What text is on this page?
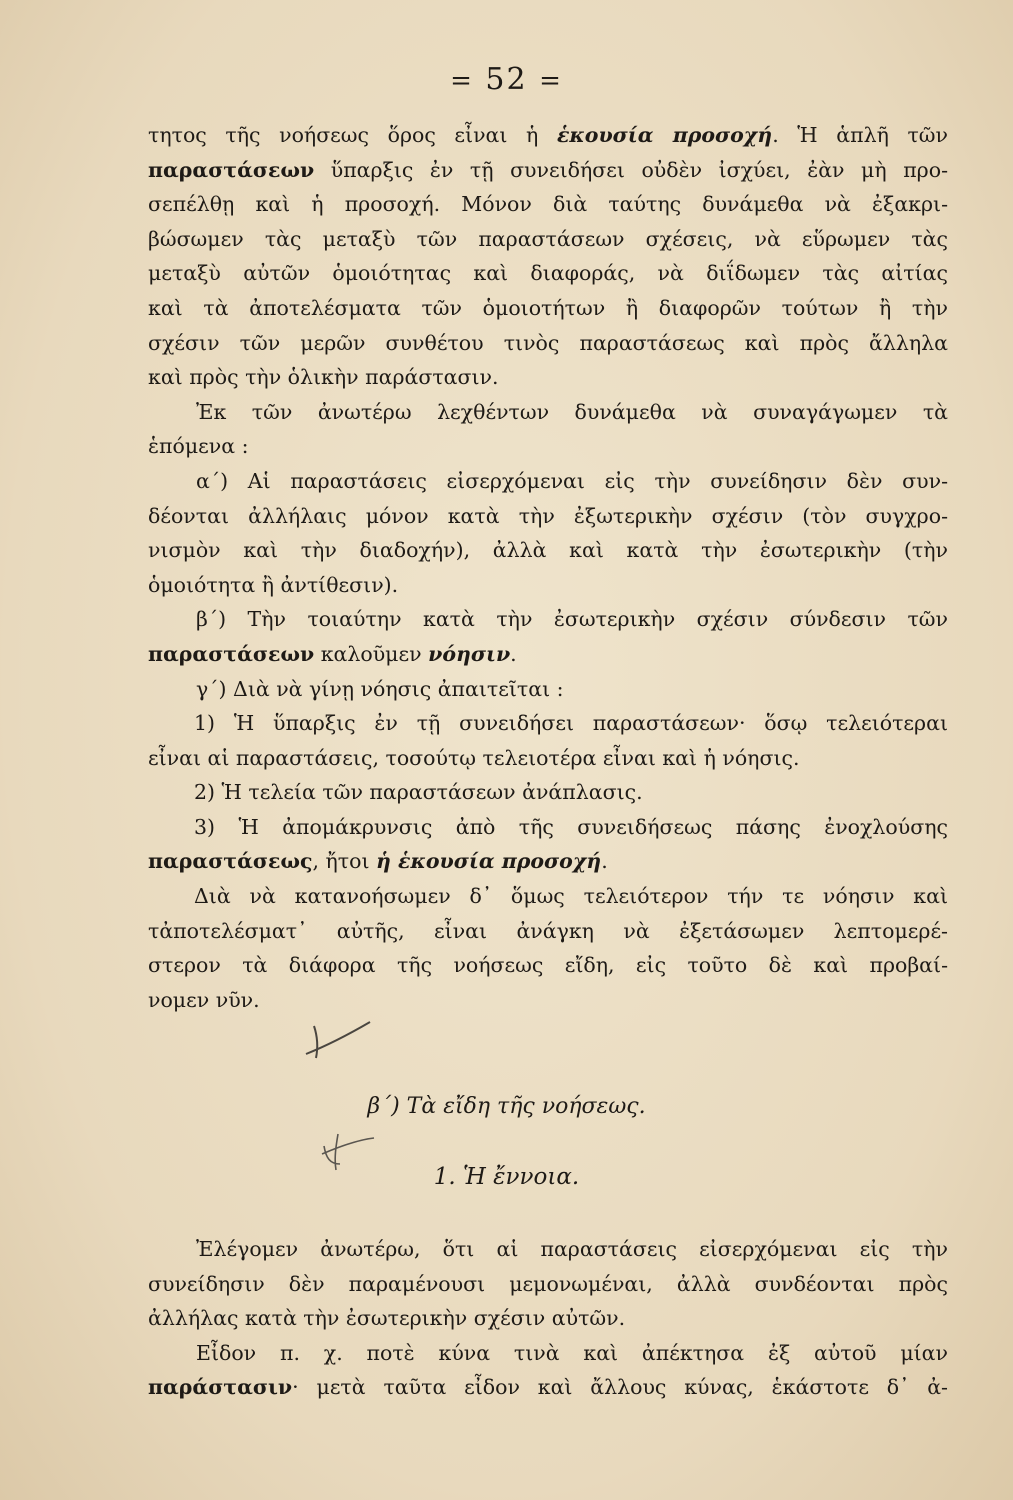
= 52 =
τητος τῆς νοήσεως ὅρος εἶναι ἡ ἑκουσία προσοχή. Ἡ ἁπλῆ τῶν
παραστάσεων ὕπαρξις ἐν τῇ συνειδήσει οὐδὲν ἰσχύει, ἐὰν μὴ προ-
σεπέλθῃ καὶ ἡ προσοχή. Μόνον διὰ ταύτης δυνάμεθα νὰ ἐξακρι-
βώσωμεν τὰς μεταξὺ τῶν παραστάσεων σχέσεις, νὰ εὕρωμεν τὰς
μεταξὺ αὐτῶν ὁμοιότητας καὶ διαφοράς, νὰ διΐδωμεν τὰς αἰτίας
καὶ τὰ ἀποτελέσματα τῶν ὁμοιοτήτων ἢ διαφορῶν τούτων ἢ τὴν
σχέσιν τῶν μερῶν συνθέτου τινὸς παραστάσεως καὶ πρὸς ἄλληλα
καὶ πρὸς τὴν ὁλικὴν παράστασιν.
Ἐκ τῶν ἀνωτέρω λεχθέντων δυνάμεθα νὰ συναγάγωμεν τὰ
ἑπόμενα :
α΄) Αἱ παραστάσεις εἰσερχόμεναι εἰς τὴν συνείδησιν δὲν συν-
δέονται ἀλλήλαις μόνον κατὰ τὴν ἐξωτερικὴν σχέσιν (τὸν συγχρο-
νισμὸν καὶ τὴν διαδοχήν), ἀλλὰ καὶ κατὰ τὴν ἐσωτερικὴν (τὴν
ὁμοιότητα ἢ ἀντίθεσιν).
β΄) Τὴν τοιαύτην κατὰ τὴν ἐσωτερικὴν σχέσιν σύνδεσιν τῶν
παραστάσεων καλοῦμεν νόησιν.
γ΄) Διὰ νὰ γίνῃ νόησις ἀπαιτεῖται :
1) Ἡ ὕπαρξις ἐν τῇ συνειδήσει παραστάσεων· ὅσῳ τελειότεραι
εἶναι αἱ παραστάσεις, τοσούτῳ τελειοτέρα εἶναι καὶ ἡ νόησις.
2) Ἡ τελεία τῶν παραστάσεων ἀνάπλασις.
3) Ἡ ἀπομάκρυνσις ἀπὸ τῆς συνειδήσεως πάσης ἐνοχλούσης
παραστάσεως, ἤτοι ἡ ἑκουσία προσοχή.
Διὰ νὰ κατανοήσωμεν δ᾿ ὅμως τελειότερον τήν τε νόησιν καὶ
τἀποτελέσματ᾿ αὐτῆς, εἶναι ἀνάγκη νὰ ἐξετάσωμεν λεπτομερέ-
στερον τὰ διάφορα τῆς νοήσεως εἴδη, εἰς τοῦτο δὲ καὶ προβαί-
νομεν νῦν.
β΄) Τὰ εἴδη τῆς νοήσεως.
1. Ἡ ἔννοια.
Ἐλέγομεν ἀνωτέρω, ὅτι αἱ παραστάσεις εἰσερχόμεναι εἰς τὴν
συνείδησιν δὲν παραμένουσι μεμονωμέναι, ἀλλὰ συνδέονται πρὸς
ἀλλήλας κατὰ τὴν ἐσωτερικὴν σχέσιν αὐτῶν.
Εἶδον π. χ. ποτὲ κύνα τινὰ καὶ ἀπέκτησα ἐξ αὐτοῦ μίαν
παράστασιν· μετὰ ταῦτα εἶδον καὶ ἄλλους κύνας, ἑκάστοτε δ᾿ ἀ-
